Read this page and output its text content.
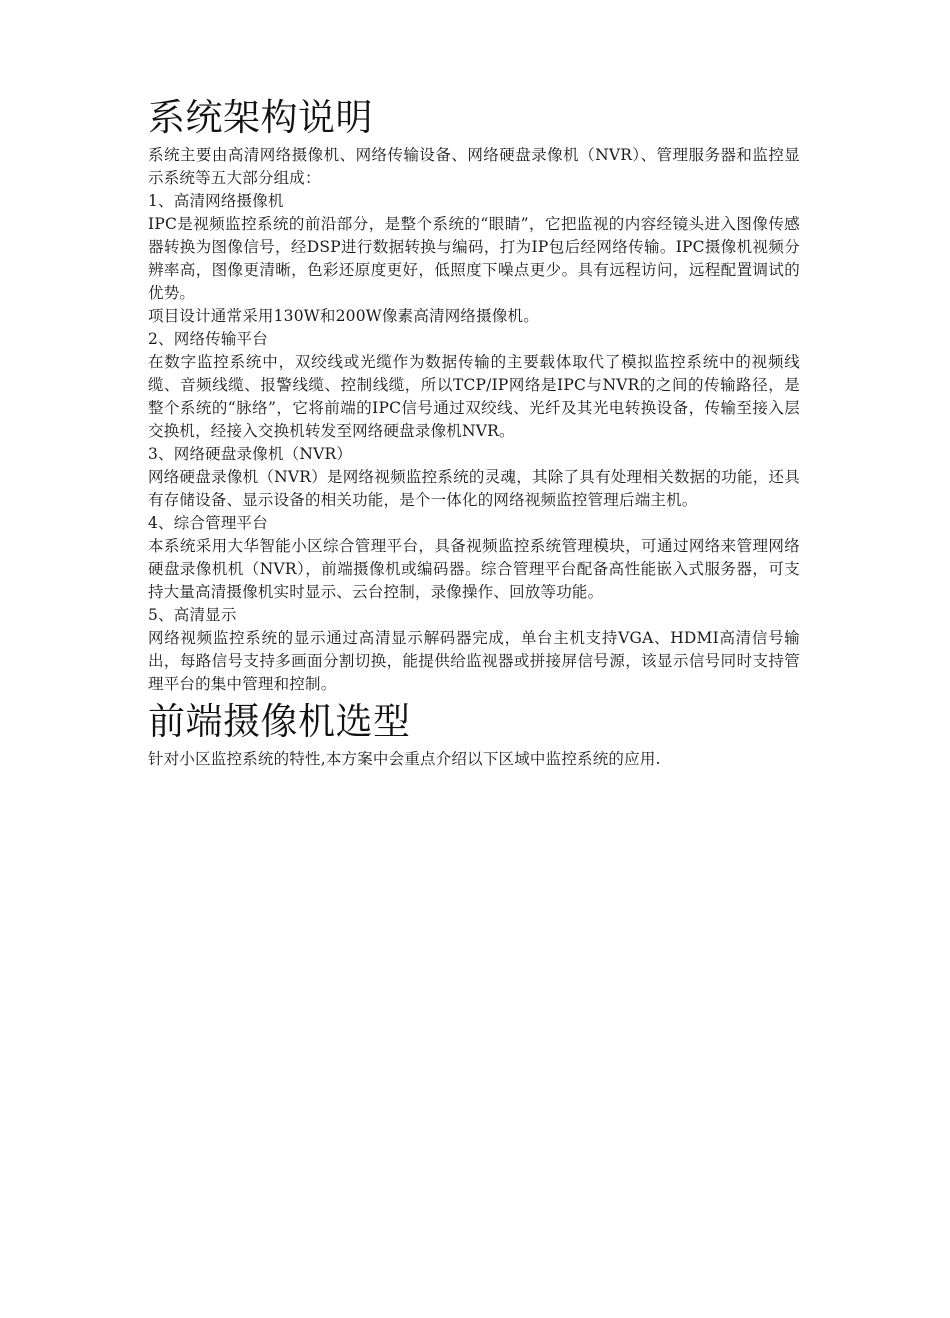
系统架构说明

系统主要由高清网络摄像机、网络传输设备、网络硬盘录像机（NVR）、管理服务器和监控显示系统等五大部分组成：

1、高清网络摄像机

IPC是视频监控系统的前沿部分，是整个系统的“眼睛”，它把监视的内容经镜头进入图像传感器转换为图像信号，经DSP进行数据转换与编码，打为IP包后经网络传输。IPC摄像机视频分辨率高，图像更清晰，色彩还原度更好，低照度下噪点更少。具有远程访问，远程配置调试的优势。

项目设计通常采用130W和200W像素高清网络摄像机。

2、网络传输平台

在数字监控系统中，双绞线或光缆作为数据传输的主要载体取代了模拟监控系统中的视频线缆、音频线缆、报警线缆、控制线缆，所以TCP/IP网络是IPC与NVR的之间的传输路径，是整个系统的“脉络”，它将前端的IPC信号通过双绞线、光纤及其光电转换设备，传输至接入层交换机，经接入交换机转发至网络硬盘录像机NVR。

3、网络硬盘录像机（NVR）

网络硬盘录像机（NVR）是网络视频监控系统的灵魂，其除了具有处理相关数据的功能，还具有存储设备、显示设备的相关功能，是个一体化的网络视频监控管理后端主机。

4、综合管理平台

本系统采用大华智能小区综合管理平台，具备视频监控系统管理模块，可通过网络来管理网络硬盘录像机机（NVR），前端摄像机或编码器。综合管理平台配备高性能嵌入式服务器，可支持大量高清摄像机实时显示、云台控制，录像操作、回放等功能。

5、高清显示

网络视频监控系统的显示通过高清显示解码器完成，单台主机支持VGA、HDMI高清信号输出，每路信号支持多画面分割切换，能提供给监视器或拼接屏信号源，该显示信号同时支持管理平台的集中管理和控制。

前端摄像机选型

针对小区监控系统的特性,本方案中会重点介绍以下区域中监控系统的应用.
